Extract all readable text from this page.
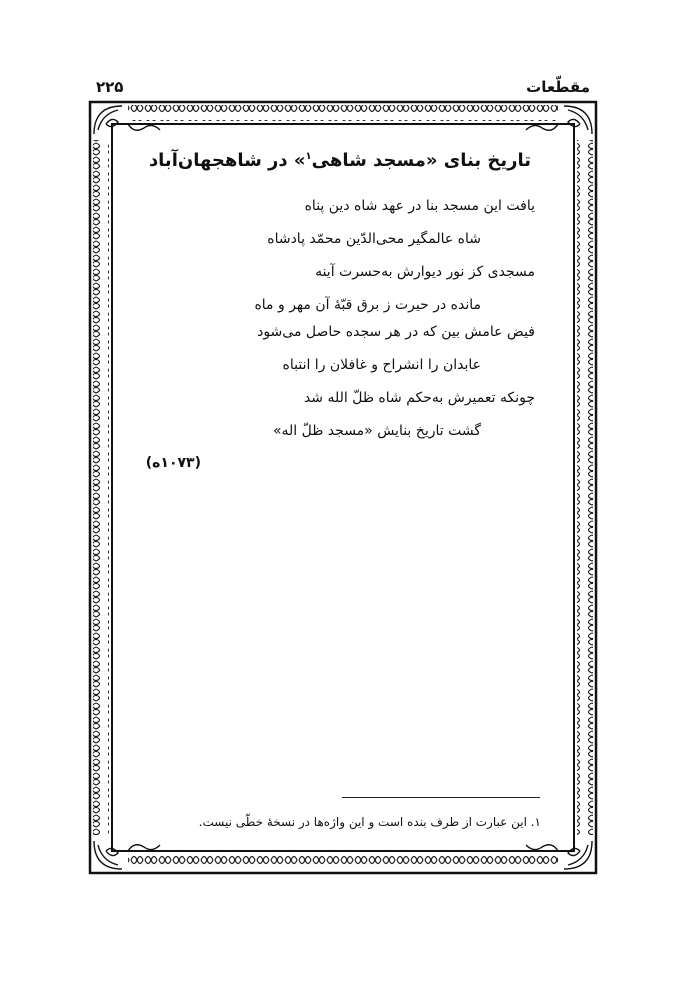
۲۲۵	مقطّعات
تاریخ بنای «مسجد شاهی$^۱$» در شاهجهان‌آباد
یافت این مسجد بنا در عهد شاه دین پناه
شاه عالمگیر محی‌الدّین محمّد پادشاه
مسجدی کز نور دیوارش به‌حسرت آینه
مانده در حیرت ز برق قبّهٔ آن مهر و ماه
فیض عامش بین که در هر سجده حاصل می‌شود
عابدان را انشراح و غافلان را انتباه
چونکه تعمیرش به‌حکم شاه ظلّ الله شد
گشت تاریخ بنایش «مسجد ظلّ اله»
(۱۰۷۳ه)
۱. این عبارت از طرف بنده است و این واژه‌ها در نسخهٔ خطّی نیست.
